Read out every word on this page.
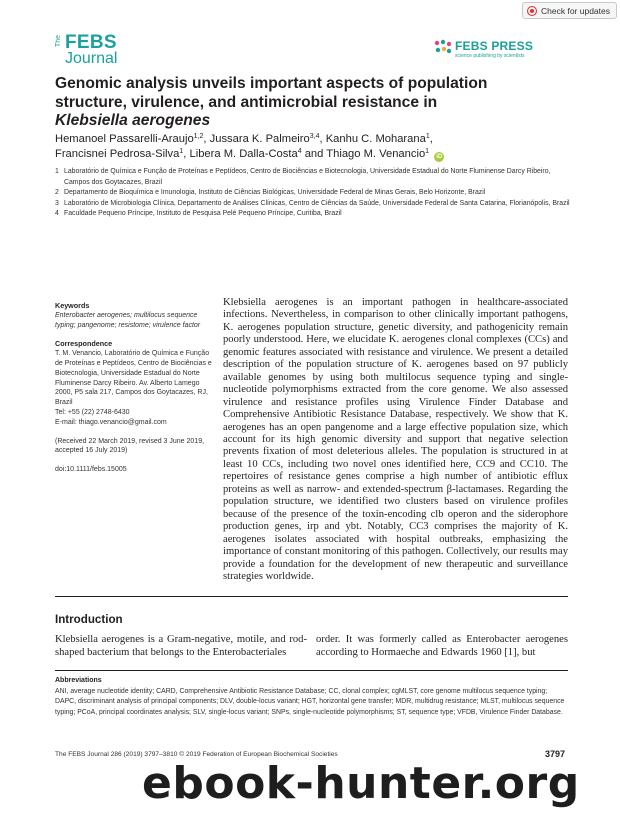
Check for updates
The FEBS
Journal
FEBS PRESS
science publishing by scientists
Genomic analysis unveils important aspects of population
structure, virulence, and antimicrobial resistance in
Klebsiella aerogenes
Hemanoel Passarelli-Araujo$^{1,2}$, Jussara K. Palmeiro$^{3,4}$, Kanhu C. Moharana$^1$,
Francisnei Pedrosa-Silva$^1$, Libera M. Dalla-Costa$^4$ and Thiago M. Venancio$^1$ iD
1 Laboratório de Química e Função de Proteínas e Peptídeos, Centro de Biociências e Biotecnologia, Universidade Estadual do Norte Fluminense Darcy Ribeiro, Campos dos Goytacazes, Brazil
2 Departamento de Bioquímica e Imunologia, Instituto de Ciências Biológicas, Universidade Federal de Minas Gerais, Belo Horizonte, Brazil
3 Laboratório de Microbiologia Clínica, Departamento de Análises Clínicas, Centro de Ciências da Saúde, Universidade Federal de Santa Catarina, Florianópolis, Brazil
4 Faculdade Pequeno Príncipe, Instituto de Pesquisa Pelé Pequeno Príncipe, Curitiba, Brazil
Keywords

Enterobacter aerogenes; multilocus sequence typing; pangenome; resistome; virulence factor

Correspondence

T. M. Venancio, Laboratório de Química e Função de Proteínas e Peptídeos, Centro de Biociências e Biotecnologia, Universidade Estadual do Norte Fluminense Darcy Ribeiro. Av. Alberto Lamego 2000, P5 sala 217, Campos dos Goytacazes, RJ, Brazil

Tel: +55 (22) 2748-6430

E-mail: thiago.venancio@gmail.com

(Received 22 March 2019, revised 3 June 2019, accepted 16 July 2019)

doi:10.1111/febs.15005

Klebsiella aerogenes is an important pathogen in healthcare-associated infections. Nevertheless, in comparison to other clinically important pathogens, K. aerogenes population structure, genetic diversity, and pathogenicity remain poorly understood. Here, we elucidate K. aerogenes clonal complexes (CCs) and genomic features associated with resistance and virulence. We present a detailed description of the population structure of K. aerogenes based on 97 publicly available genomes by using both multilocus sequence typing and single-nucleotide polymorphisms extracted from the core genome. We also assessed virulence and resistance profiles using Virulence Finder Database and Comprehensive Antibiotic Resistance Database, respectively. We show that K. aerogenes has an open pangenome and a large effective population size, which account for its high genomic diversity and support that negative selection prevents fixation of most deleterious alleles. The population is structured in at least 10 CCs, including two novel ones identified here, CC9 and CC10. The repertoires of resistance genes comprise a high number of antibiotic efflux proteins as well as narrow- and extended-spectrum β-lactamases. Regarding the population structure, we identified two clusters based on virulence profiles because of the presence of the toxin-encoding clb operon and the siderophore production genes, irp and ybt. Notably, CC3 comprises the majority of K. aerogenes isolates associated with hospital outbreaks, emphasizing the importance of constant monitoring of this pathogen. Collectively, our results may provide a foundation for the development of new therapeutic and surveillance strategies worldwide.
Introduction
Klebsiella aerogenes is a Gram-negative, motile, and rod-shaped bacterium that belongs to the Enterobacteriales
order. It was formerly called as Enterobacter aerogenes according to Hormaeche and Edwards 1960 [1], but
Abbreviations
ANI, average nucleotide identity; CARD, Comprehensive Antibiotic Resistance Database; CC, clonal complex; cgMLST, core genome multilocus sequence typing; DAPC, discriminant analysis of principal components; DLV, double-locus variant; HGT, horizontal gene transfer; MDR, multidrug resistance; MLST, multilocus sequence typing; PCoA, principal coordinates analysis; SLV, single-locus variant; SNPs, single-nucleotide polymorphisms; ST, sequence type; VFDB, Virulence Finder Database.
The FEBS Journal 286 (2019) 3797–3810 © 2019 Federation of European Biochemical Societies	3797
ebook-hunter.org
